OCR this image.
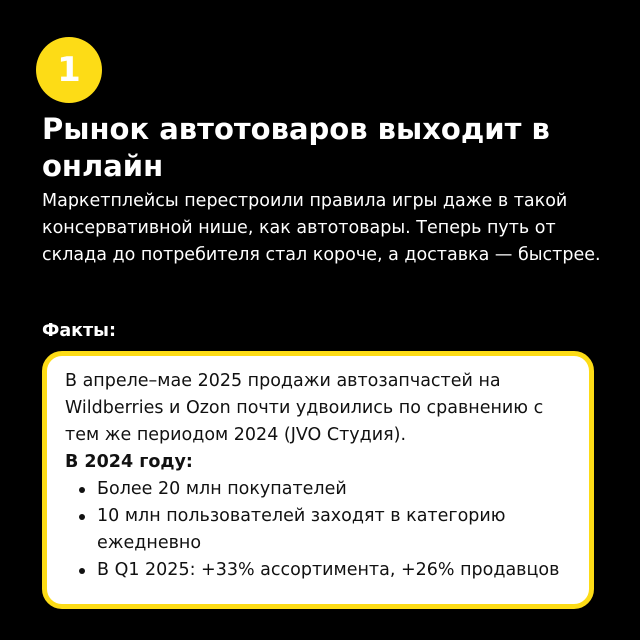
1
Рынок автотоваров выходит в онлайн

Маркетплейсы перестроили правила игры даже в такой консервативной нише, как автотовары. Теперь путь от склада до потребителя стал короче, а доставка — быстрее.

Факты:

В апреле–мае 2025 продажи автозапчастей на Wildberries и Ozon почти удвоились по сравнению с тем же периодом 2024 (JVO Студия).

В 2024 году:

Более 20 млн покупателей
10 млн пользователей заходят в категорию ежедневно
В Q1 2025: +33% ассортимента, +26% продавцов
